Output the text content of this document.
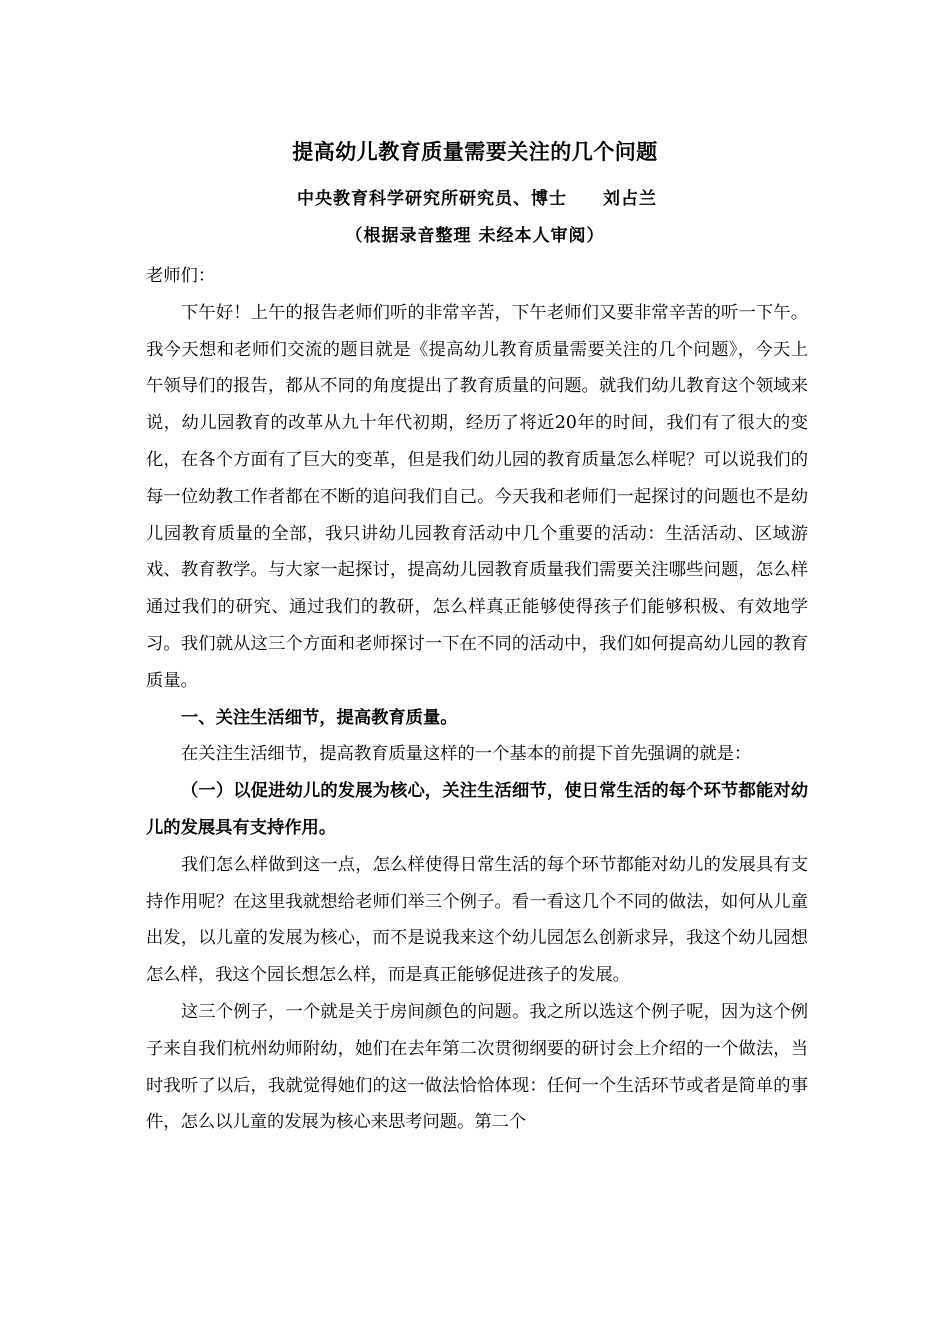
提高幼儿教育质量需要关注的几个问题
中央教育科学研究所研究员、博士 刘占兰
（根据录音整理 未经本人审阅）

老师们：

下午好！上午的报告老师们听的非常辛苦，下午老师们又要非常辛苦的听一下午。我今天想和老师们交流的题目就是《提高幼儿教育质量需要关注的几个问题》，今天上午领导们的报告，都从不同的角度提出了教育质量的问题。就我们幼儿教育这个领域来说，幼儿园教育的改革从九十年代初期，经历了将近20年的时间，我们有了很大的变化，在各个方面有了巨大的变革，但是我们幼儿园的教育质量怎么样呢？可以说我们的每一位幼教工作者都在不断的追问我们自己。今天我和老师们一起探讨的问题也不是幼儿园教育质量的全部，我只讲幼儿园教育活动中几个重要的活动：生活活动、区域游戏、教育教学。与大家一起探讨，提高幼儿园教育质量我们需要关注哪些问题，怎么样通过我们的研究、通过我们的教研，怎么样真正能够使得孩子们能够积极、有效地学习。我们就从这三个方面和老师探讨一下在不同的活动中，我们如何提高幼儿园的教育质量。

一、关注生活细节，提高教育质量。

在关注生活细节，提高教育质量这样的一个基本的前提下首先强调的就是：

（一）以促进幼儿的发展为核心，关注生活细节，使日常生活的每个环节都能对幼儿的发展具有支持作用。

我们怎么样做到这一点，怎么样使得日常生活的每个环节都能对幼儿的发展具有支持作用呢？在这里我就想给老师们举三个例子。看一看这几个不同的做法，如何从儿童出发，以儿童的发展为核心，而不是说我来这个幼儿园怎么创新求异，我这个幼儿园想怎么样，我这个园长想怎么样，而是真正能够促进孩子的发展。

这三个例子，一个就是关于房间颜色的问题。我之所以选这个例子呢，因为这个例子来自我们杭州幼师附幼，她们在去年第二次贯彻纲要的研讨会上介绍的一个做法，当时我听了以后，我就觉得她们的这一做法恰恰体现：任何一个生活环节或者是简单的事件，怎么以儿童的发展为核心来思考问题。第二个
